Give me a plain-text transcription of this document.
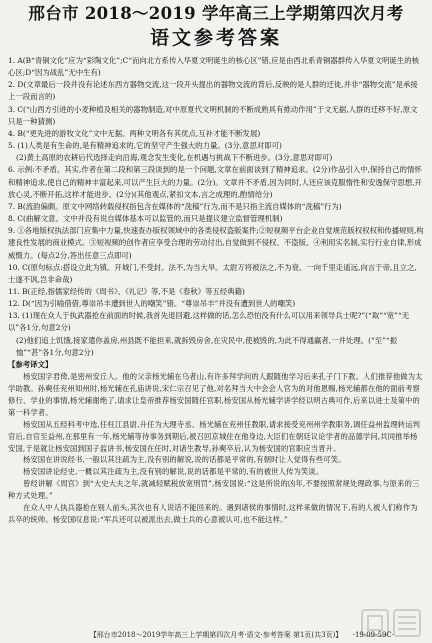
邢台市 2018～2019 学年高三上学期第四次月考
语文参考答案

1. A(B“青铜文化”应为“彩陶文化”;C“而向北方系传入华夏文明诞生的核心区”错,应是由西北系青铜器群传入华夏文明诞生的核心区;D“因为战乱”无中生有)

2. D(文章最后一段并没有论述东西方器物交流,这一段开头提出的器物交流的背后,反映的是人群的迁徙,并非“器物交流”是承接上一段而言的)

3. C(“山西方引进的小麦种植及相关的器物制造,对中原夏代文明机制的不断成熟具有推动作用”于文无据,人群的迁移不好,原文只是一种猜测)

4. B(“更先进的游牧文化”文中无据。两种文明各有其优点,互补才能不断发展)

5. (1)人类是有生命的,是有精神追求的,它的坚守产生强大的力量。(3分,意思对即可)

(2)黄土高原的农耕后代选择走向沿海,观念发生变化,在机遇与挑战下不断进步。(3分,意思对即可)

6. 示例:不矛盾。其实,作者在第二段和第三段谈到的是一个问题,文章在前面谈到了精神追求。(2分)作品引入中,保持自己的情怀和精神追求,使自己的精神丰富起来,可以产生巨大的力量。(2分)。文章并不矛盾,因为同时,人还应该克服惰性和安逸保守思想,开放心灵,不断开拓,这样才能进步。(2分)(其他观点,紧扣文本,言之成理的,酌情给分)

7. B(流韵偏颇。原文中网络转载侵权指包含在媒体的“洗稿”行为,而不是只指主流自媒体的“洗稿”行为)

8. C(曲解文意。文中并没有说自媒体基本可以监管的,而只是提议建立监督管理机制)

9. ①各地版权执法部门应集中力量,快速查办版权领域中的各类侵权盗版案件;②短视频平台企业自觉规范版权权权和传播规则,构建良性发展的商业模式。③短视频的创作者应享受合理的劳动付出,自觉做到不侵权、不盗版。④利用实名制,实行行业自律,形成威慑力。(每点2分,答出任意三点即可)

10. C(原句标点:搭设立此为镇。开城门,不受封。法不,为当大旱。太尉万将被法之,不为衰。一向千里走遥远,向言于帝,且立之,士遂不讽,岂非命哉)

11. B(正经,指儒家经传的《周书》、《礼记》等,不是《春秋》等五经典籍)

12. D(“因为引喻借借,尊崇吊丰遭到世人的嘲笑”错。“尊崇吊丰”并没有遭到世人的嘲笑)

13. (1)现在众人于执武器抢在前面的时候,我首先退回避,这样做的话,怎么恐怕没有什么可以用来领导兵士呢?”(“取”“宽”“无以”各1分,句意2分)

(2)他们追上饥饿,接家遣你盖房,州县既不能担来,就拆毁房舍,在灾民中,使被毁的,为此不得通赢者,一并处理。(“至”“振恤”“甚”各1分,句意2分)

【参考译文】

杨安国字君倚,是密州安丘人。他的父亲杨光辅在乌者山,有许多拜学问的人跟随他学习后来孔子门下教。人们推荐他做为太学助教。孙奭任兖州知州时,杨光辅在孔庙讲说,宋仁宗召见了他,对名拜当大中会会人官为的对他恩赐,杨光辅都在他的面前考察修行、学业的事情,杨光辅谢绝了,请求让皇帝推荐杨安国随任官职,杨安国从杨光辅学讲学经以明古典可作,后来以进士及第中的第一科学者。

杨安国从五经科考中选,任枉江县尉,升任为大理寺丞、杨光辅在兖州任教职,请求接受兖州州学教职务,调任益州监理转运判官后,自官至益州,在那里有一年,杨光辅等待事务到期后,被召回京城住在他身边,大臣们在朝廷议论学者的品德学问,共同推举杨安国,于是就让杨安国到国子监讲书,杨安国在任时,对诸生教导,孙奭卒后,认为杨安国的官职应当晋升。

杨安国在讲说经书,一般以其注疏为主,没有别的解说,说的话都是平常的,有朝时让人觉得有些可笑。

杨安国讲论经史,一概以其注疏为主,没有别的解说,说的话都是平常的,有的被世人传为笑谈。

曾经讲解《周官》到“大史大夫之年,就减轻赋税放宽刑罚”,杨安国说:“这是所说的凶年,不要按照常规处理政事,与原来的三种方式处理。”

在众人中人执兵器抢在别人前头,其次也有人说话不能回来的。遇到诸侯的事情时,这样来做的情况下,有的人被人们称作为兵卒的统帅。杨安国叹息说:“军兵还可以被派出去,做士兵的心意被认可,也不能这样。”

【邢台市2018～2019学年高三上学期第四次月考·语文·参考答案 第1页(共3页)】 ·19-09-59C·
